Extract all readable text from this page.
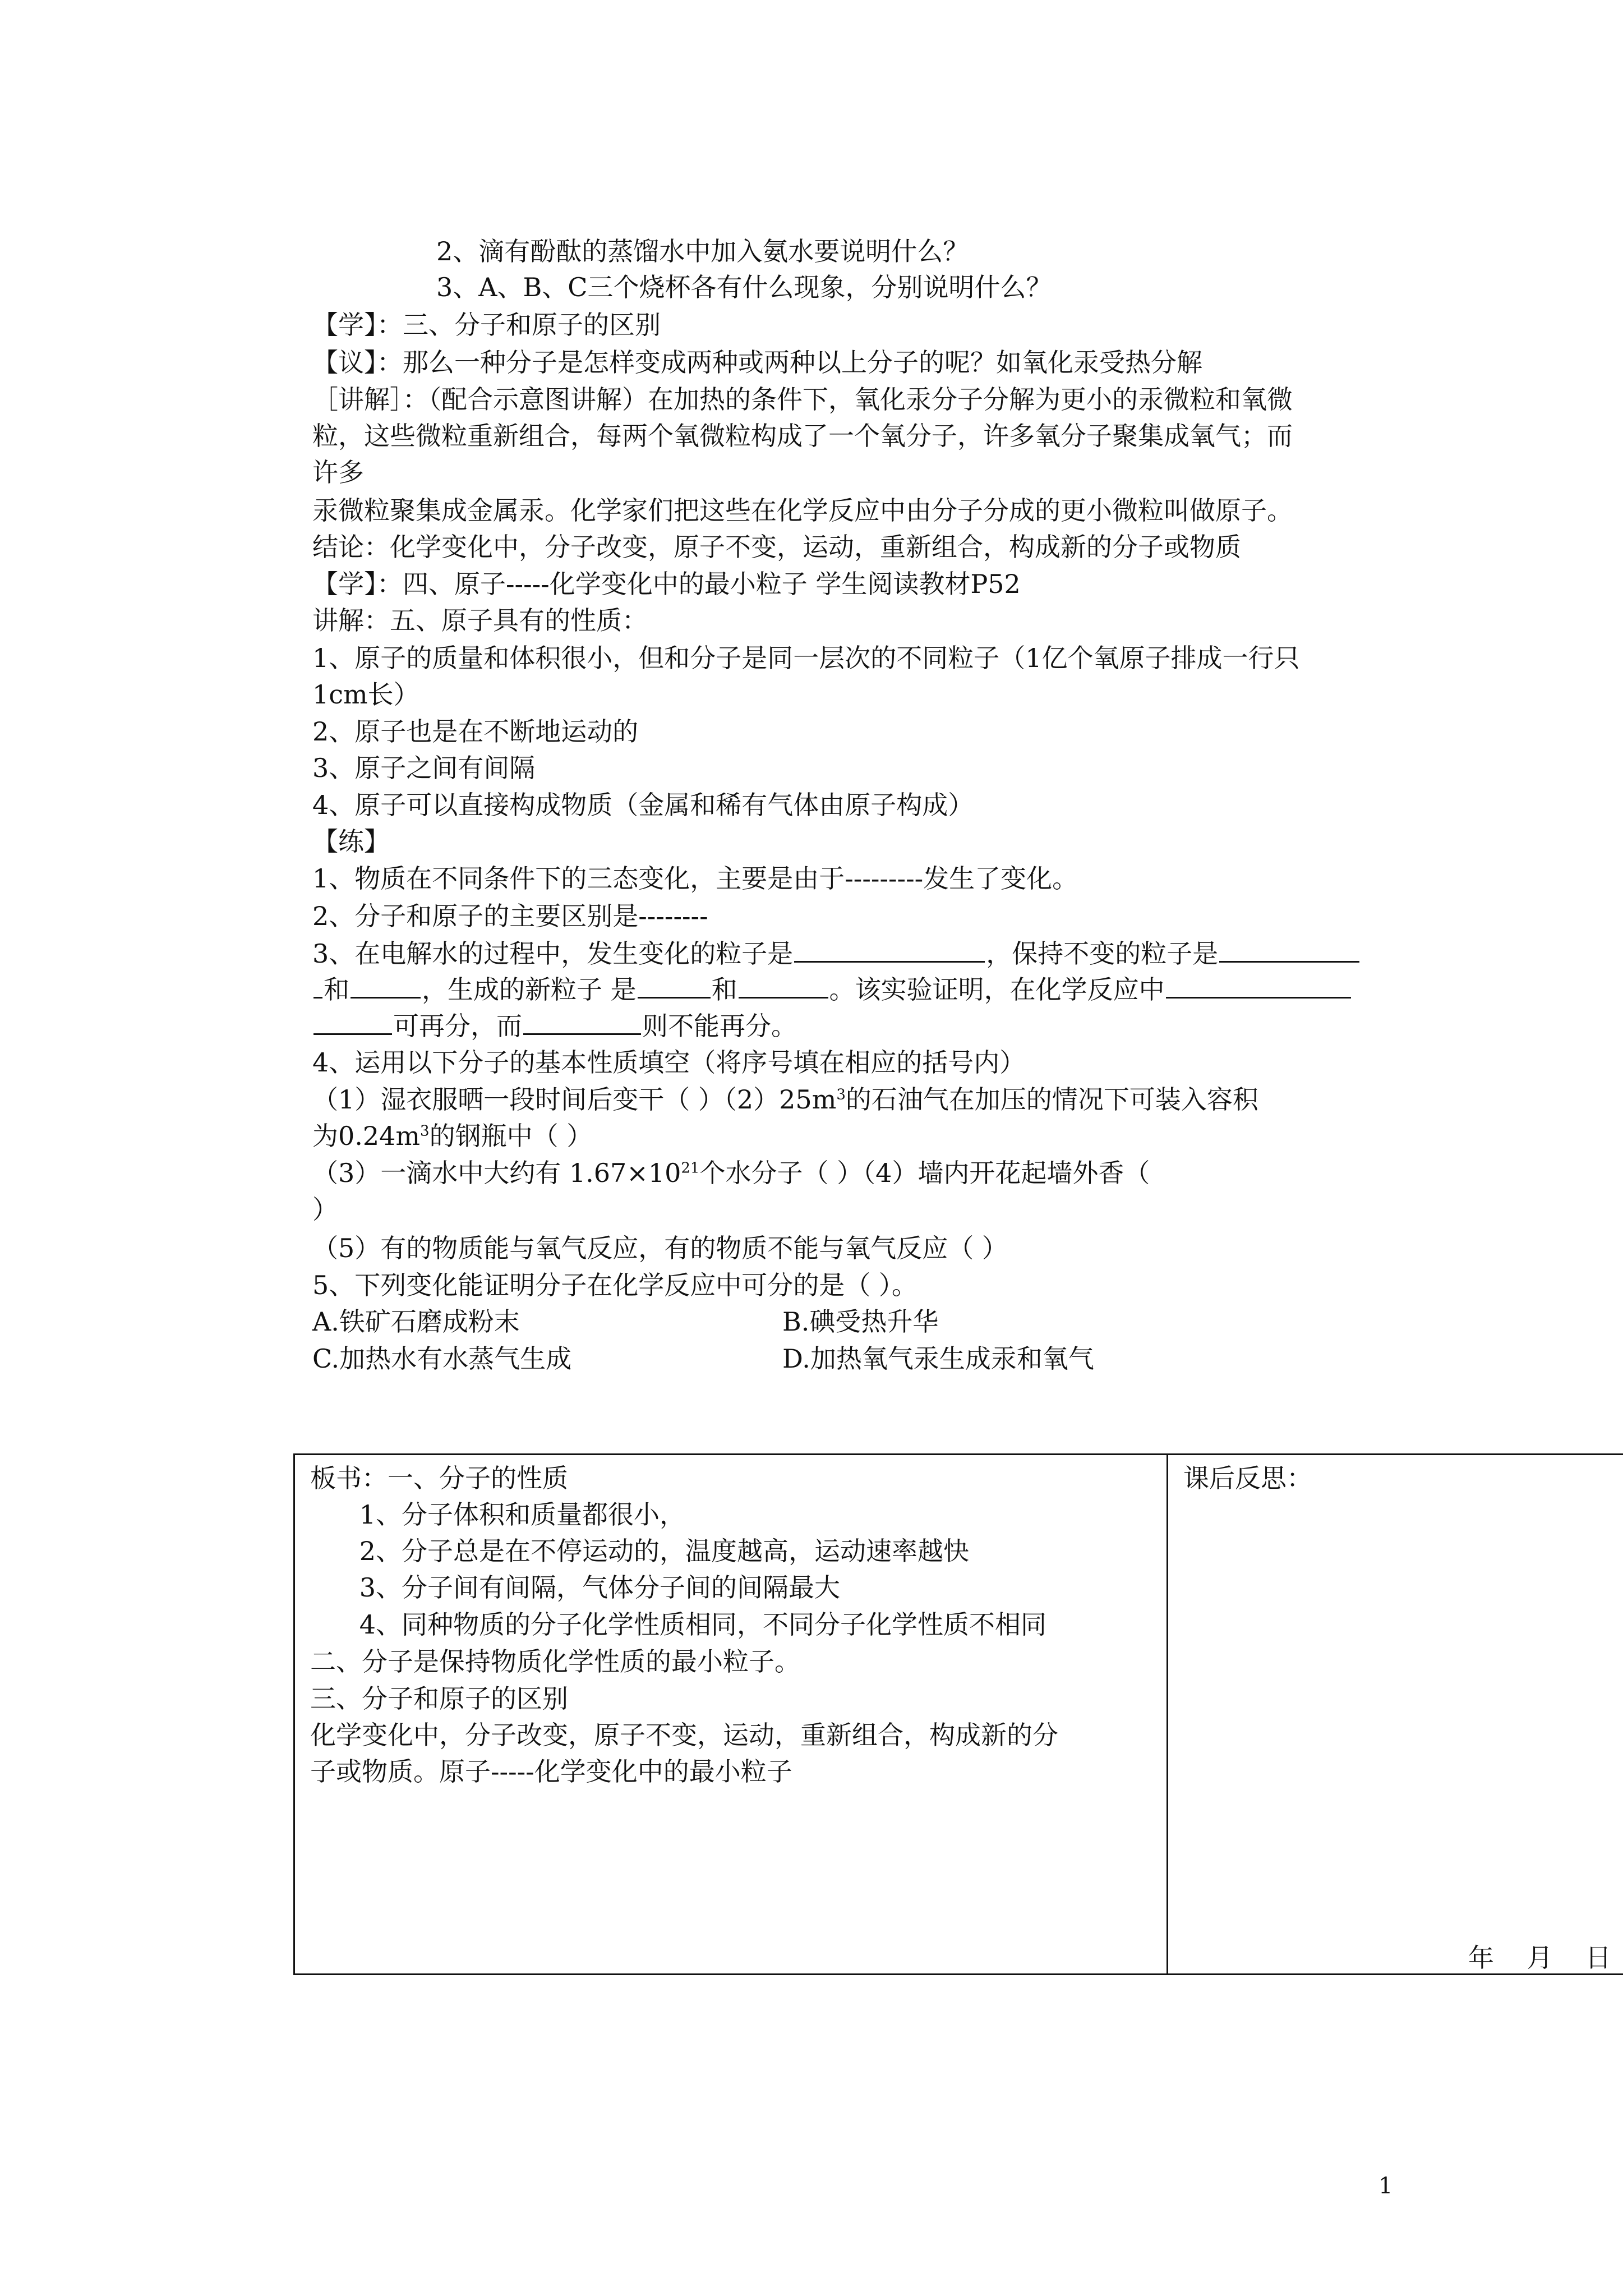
2、滴有酚酞的蒸馏水中加入氨水要说明什么？
3、A、B、C三个烧杯各有什么现象，分别说明什么？
【学】：三、分子和原子的区别
【议】：那么一种分子是怎样变成两种或两种以上分子的呢？如氧化汞受热分解
［讲解］：（配合示意图讲解）在加热的条件下，氧化汞分子分解为更小的汞微粒和氧微
粒，这些微粒重新组合，每两个氧微粒构成了一个氧分子，许多氧分子聚集成氧气；而
许多
汞微粒聚集成金属汞。化学家们把这些在化学反应中由分子分成的更小微粒叫做原子。
结论：化学变化中，分子改变，原子不变，运动，重新组合，构成新的分子或物质
【学】：四、原子-----化学变化中的最小粒子 学生阅读教材P52
讲解：五、原子具有的性质：
1、原子的质量和体积很小，但和分子是同一层次的不同粒子（1亿个氧原子排成一行只
1cm长）
2、原子也是在不断地运动的
3、原子之间有间隔
4、原子可以直接构成物质（金属和稀有气体由原子构成）
【练】
1、物质在不同条件下的三态变化，主要是由于---------发生了变化。
2、分子和原子的主要区别是--------
3、在电解水的过程中，发生变化的粒子是	，保持不变的粒子是
和	，生成的新粒子 是	和	。该实验证明，在化学反应中
可再分，而	则不能再分。
4、运用以下分子的基本性质填空（将序号填在相应的括号内）
（1）湿衣服晒一段时间后变干（ ）$(2)25m^3$的石油气在加压的情况下可装入容积
为$0.24m^3$的钢瓶中（ ）
（3）一滴水中大约有 $1.67\times 10^{21}$个水分子（ ）（4）墙内开花起墙外香（
）
（5）有的物质能与氧气反应，有的物质不能与氧气反应（ ）
5、下列变化能证明分子在化学反应中可分的是（ ）。
A.铁矿石磨成粉末	B.碘受热升华
C.加热水有水蒸气生成	D.加热氧气汞生成汞和氧气
板书：一、分子的性质
1、分子体积和质量都很小，
2、分子总是在不停运动的，温度越高，运动速率越快
3、分子间有间隔，气体分子间的间隔最大
4、同种物质的分子化学性质相同，不同分子化学性质不相同
二、分子是保持物质化学性质的最小粒子。
三、分子和原子的区别
化学变化中，分子改变，原子不变，运动，重新组合，构成新的分
子或物质。原子-----化学变化中的最小粒子
课后反思：
年    月    日
1
